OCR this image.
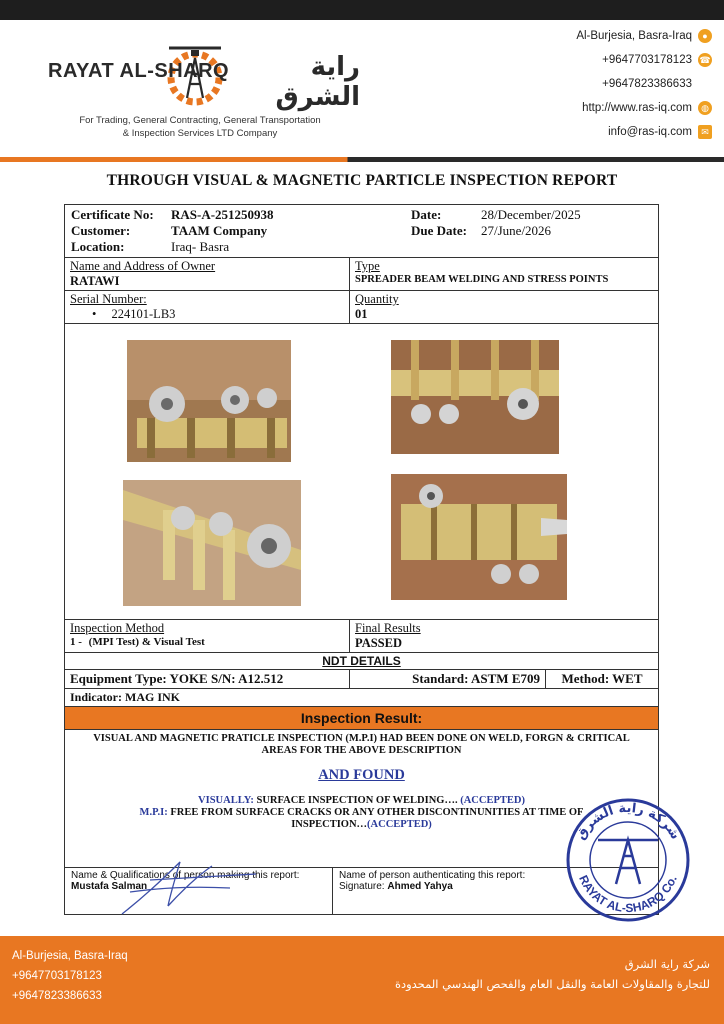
RAYAT AL-SHARQ	راية الشرق
For Trading, General Contracting, General Transportation
& Inspection Services LTD Company
Al-Burjesia, Basra-Iraq	●
+9647703178123 ☎
+9647823386633
http://www.ras-iq.com	◍
info@ras-iq.com	✉
THROUGH VISUAL & MAGNETIC PARTICLE INSPECTION REPORT
Certificate No:	RAS-A-251250938	Date:	28/December/2025
Customer:	TAAM Company	Due Date:	27/June/2026
Location:	Iraq- Basra
Name and Address of Owner
RATAWI
Type
SPREADER BEAM WELDING AND STRESS POINTS
Serial Number:
• 224101-LB3
Quantity
01
Inspection Method
1 - (MPI Test) & Visual Test
Final Results
PASSED
NDT DETAILS
Equipment Type: YOKE S/N: A12.512	Standard: ASTM E709	Method: WET
Indicator: MAG INK
Inspection Result:
VISUAL AND MAGNETIC PRATICLE INSPECTION (M.P.I) HAD BEEN DONE ON WELD, FORGN & CRITICAL
AREAS FOR THE ABOVE DESCRIPTION
AND FOUND
VISUALLY: SURFACE INSPECTION OF WELDING…. (ACCEPTED)
M.P.I: FREE FROM SURFACE CRACKS OR ANY OTHER DISCONTINUNITIES AT TIME OF
INSPECTION…(ACCEPTED)
Name & Qualifications of person making this report:
Mustafa Salman
Name of person authenticating this report:
Signature: Ahmed Yahya
شركة راية الشرق
RAYAT AL-SHARQ Co.
Al-Burjesia, Basra-Iraq
+9647703178123
+9647823386633
شركة راية الشرق
للتجارة والمقاولات العامة والنقل العام والفحص الهندسي المحدودة
